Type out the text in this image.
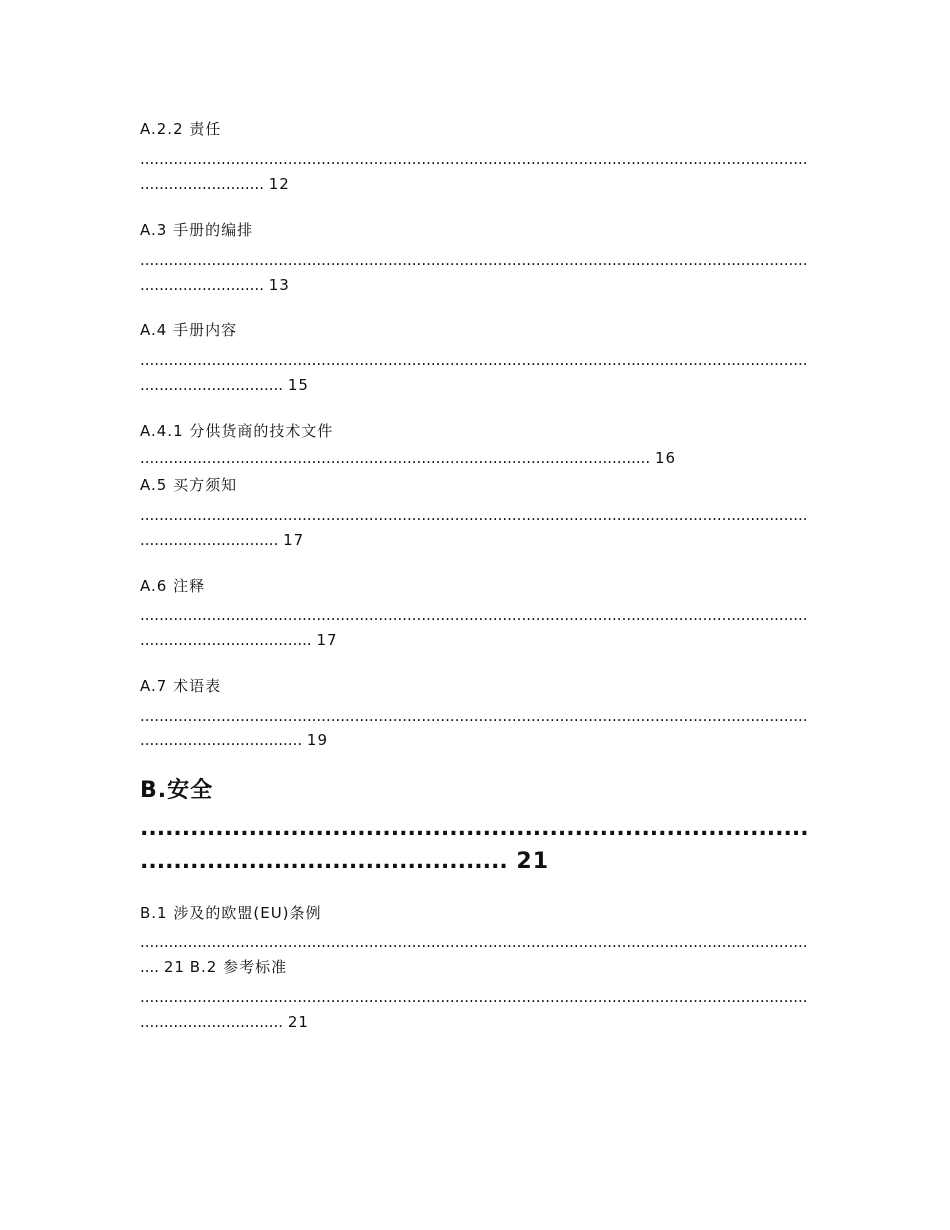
A.2.2 责任
.....
.......................... 12
A.3 手册的编排
.....
.......................... 13
A.4 手册内容
.....
.............................. 15
A.4.1 分供货商的技术文件
........................................................................................................... 16
A.5 买方须知
.....
............................. 17
A.6 注释
.....
.................................... 17
A.7 术语表
.....
.................................. 19
B.安全
.....
............................................ 21
B.1 涉及的欧盟(EU)条例
.....
.... 21 B.2 参考标准
.....
.............................. 21
